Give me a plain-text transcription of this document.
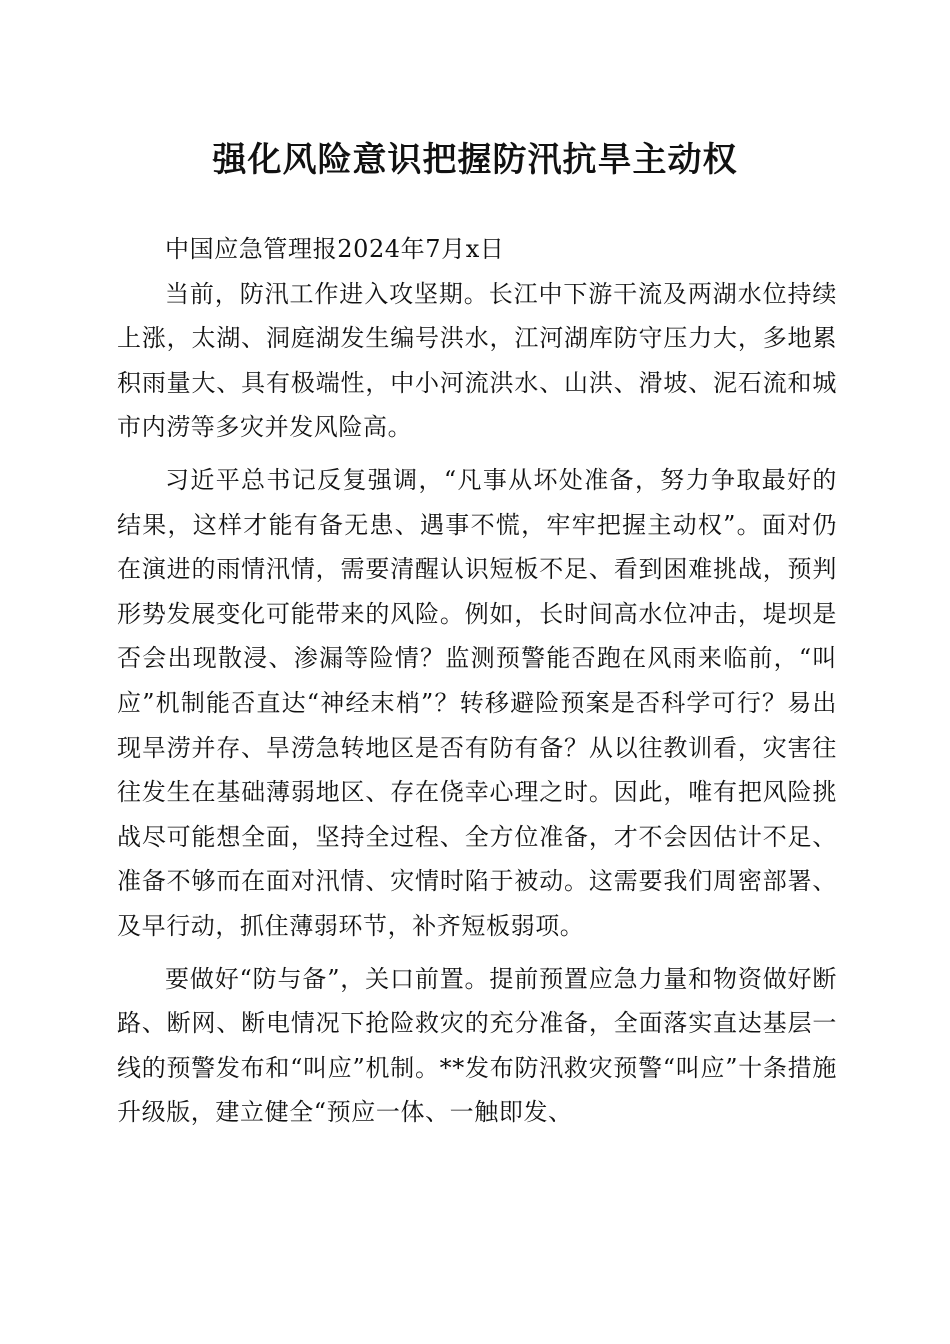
强化风险意识把握防汛抗旱主动权

中国应急管理报2024年7月x日

当前，防汛工作进入攻坚期。长江中下游干流及两湖水位持续上涨，太湖、洞庭湖发生编号洪水，江河湖库防守压力大，多地累积雨量大、具有极端性，中小河流洪水、山洪、滑坡、泥石流和城市内涝等多灾并发风险高。

习近平总书记反复强调，“凡事从坏处准备，努力争取最好的结果，这样才能有备无患、遇事不慌，牢牢把握主动权”。面对仍在演进的雨情汛情，需要清醒认识短板不足、看到困难挑战，预判形势发展变化可能带来的风险。例如，长时间高水位冲击，堤坝是否会出现散浸、渗漏等险情？监测预警能否跑在风雨来临前，“叫应”机制能否直达“神经末梢”？转移避险预案是否科学可行？易出现旱涝并存、旱涝急转地区是否有防有备？从以往教训看，灾害往往发生在基础薄弱地区、存在侥幸心理之时。因此，唯有把风险挑战尽可能想全面，坚持全过程、全方位准备，才不会因估计不足、准备不够而在面对汛情、灾情时陷于被动。这需要我们周密部署、及早行动，抓住薄弱环节，补齐短板弱项。

要做好“防与备”，关口前置。提前预置应急力量和物资做好断路、断网、断电情况下抢险救灾的充分准备，全面落实直达基层一线的预警发布和“叫应”机制。**发布防汛救灾预警“叫应”十条措施升级版，建立健全“预应一体、一触即发、
